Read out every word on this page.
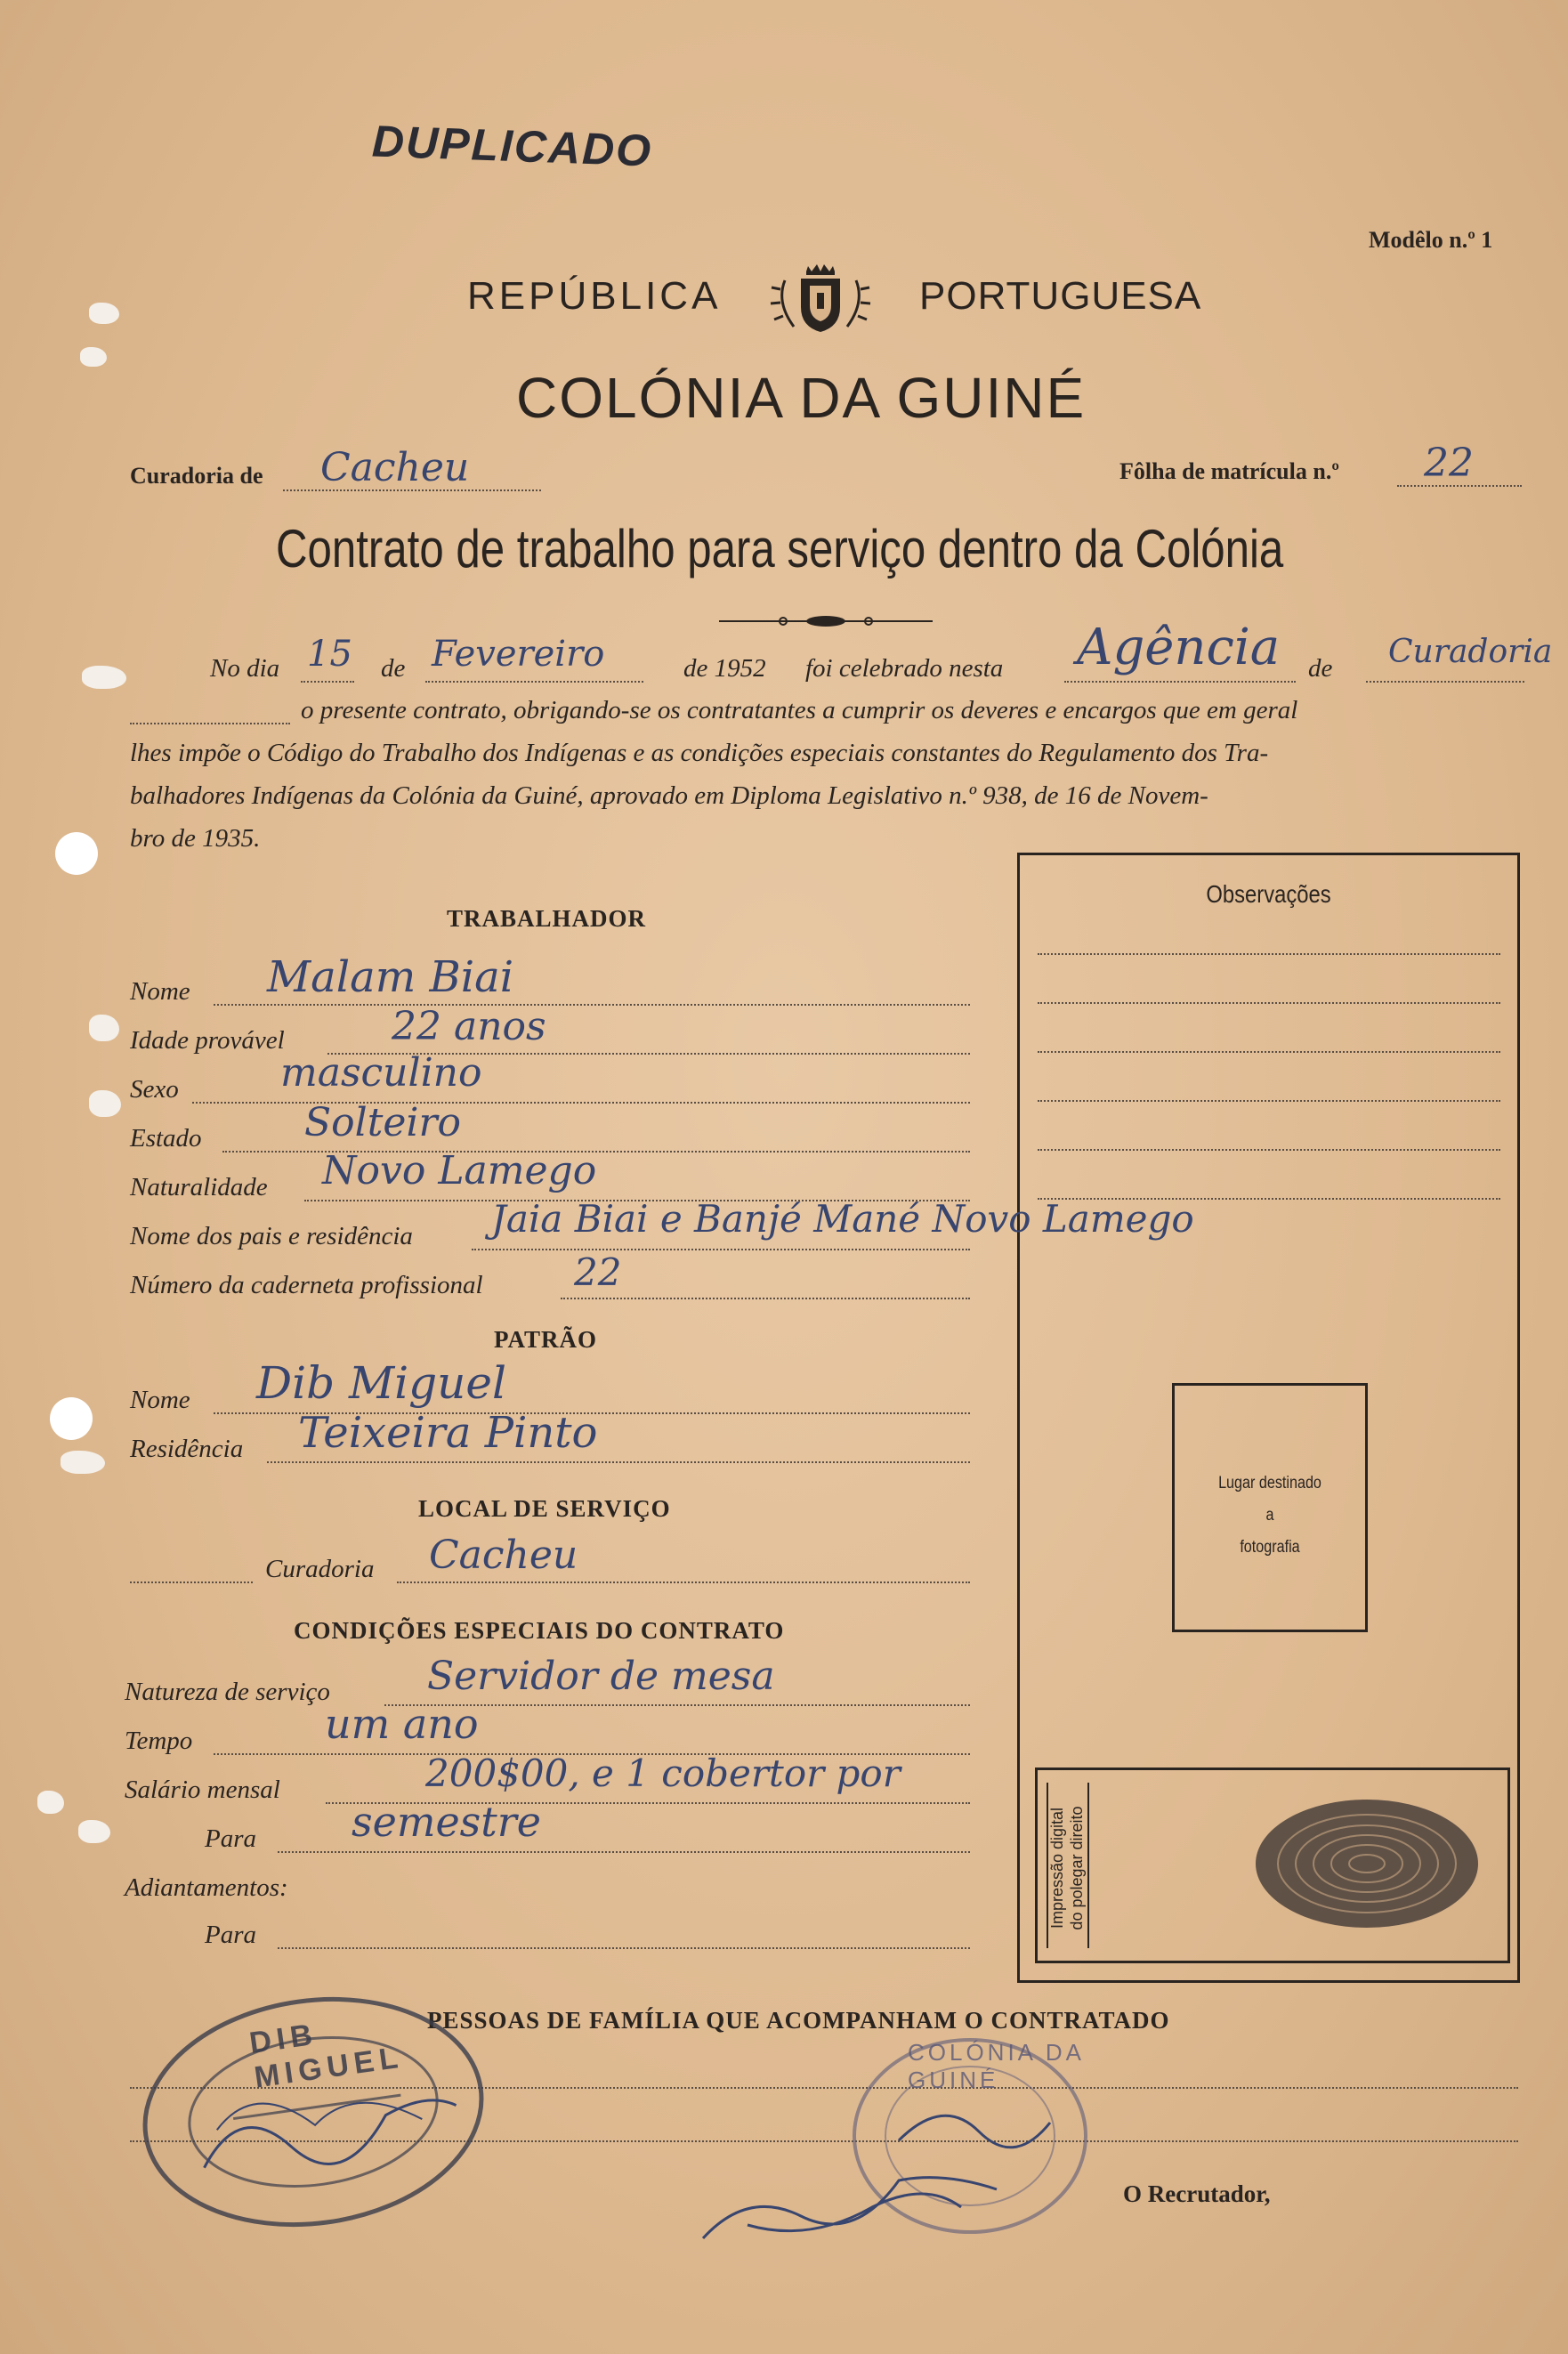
DUPLICADO
Modêlo n.º 1
REPÚBLICA	PORTUGUESA
COLÓNIA DA GUINÉ
Curadoria de Cacheu	Fôlha de matrícula n.º 22
Contrato de trabalho para serviço dentro da Colónia
No dia 15 de Fevereiro	de 1952 foi celebrado nesta Agência de Curadoria
o presente contrato, obrigando-se os contratantes a cumprir os deveres e encargos que em geral
lhes impõe o Código do Trabalho dos Indígenas e as condições especiais constantes do Regulamento dos Tra-
balhadores Indígenas da Colónia da Guiné, aprovado em Diploma Legislativo n.º 938, de 16 de Novem-
bro de 1935.
Observações
Lugar destinado
a
fotografia
Impressão digital do polegar direito
TRABALHADOR
Nome Malam Biai
Idade provável	22 anos
Sexo	masculino
Estado	Solteiro
Naturalidade Novo Lamego
Nome dos pais e residência Jaia Biai e Banjé Mané Novo Lamego
Número da caderneta profissional 22
PATRÃO
Nome Dib Miguel
Residência Teixeira Pinto
LOCAL DE SERVIÇO
Curadoria Cacheu
CONDIÇÕES ESPECIAIS DO CONTRATO
Natureza de serviço Servidor de mesa
Tempo	um ano
Salário mensal	200$00, e 1 cobertor por
Para semestre
Adiantamentos:
Para
PESSOAS DE FAMÍLIA QUE ACOMPANHAM O CONTRATADO
O Recrutador,
DIB MIGUEL	COLÓNIA DA GUINÉ
